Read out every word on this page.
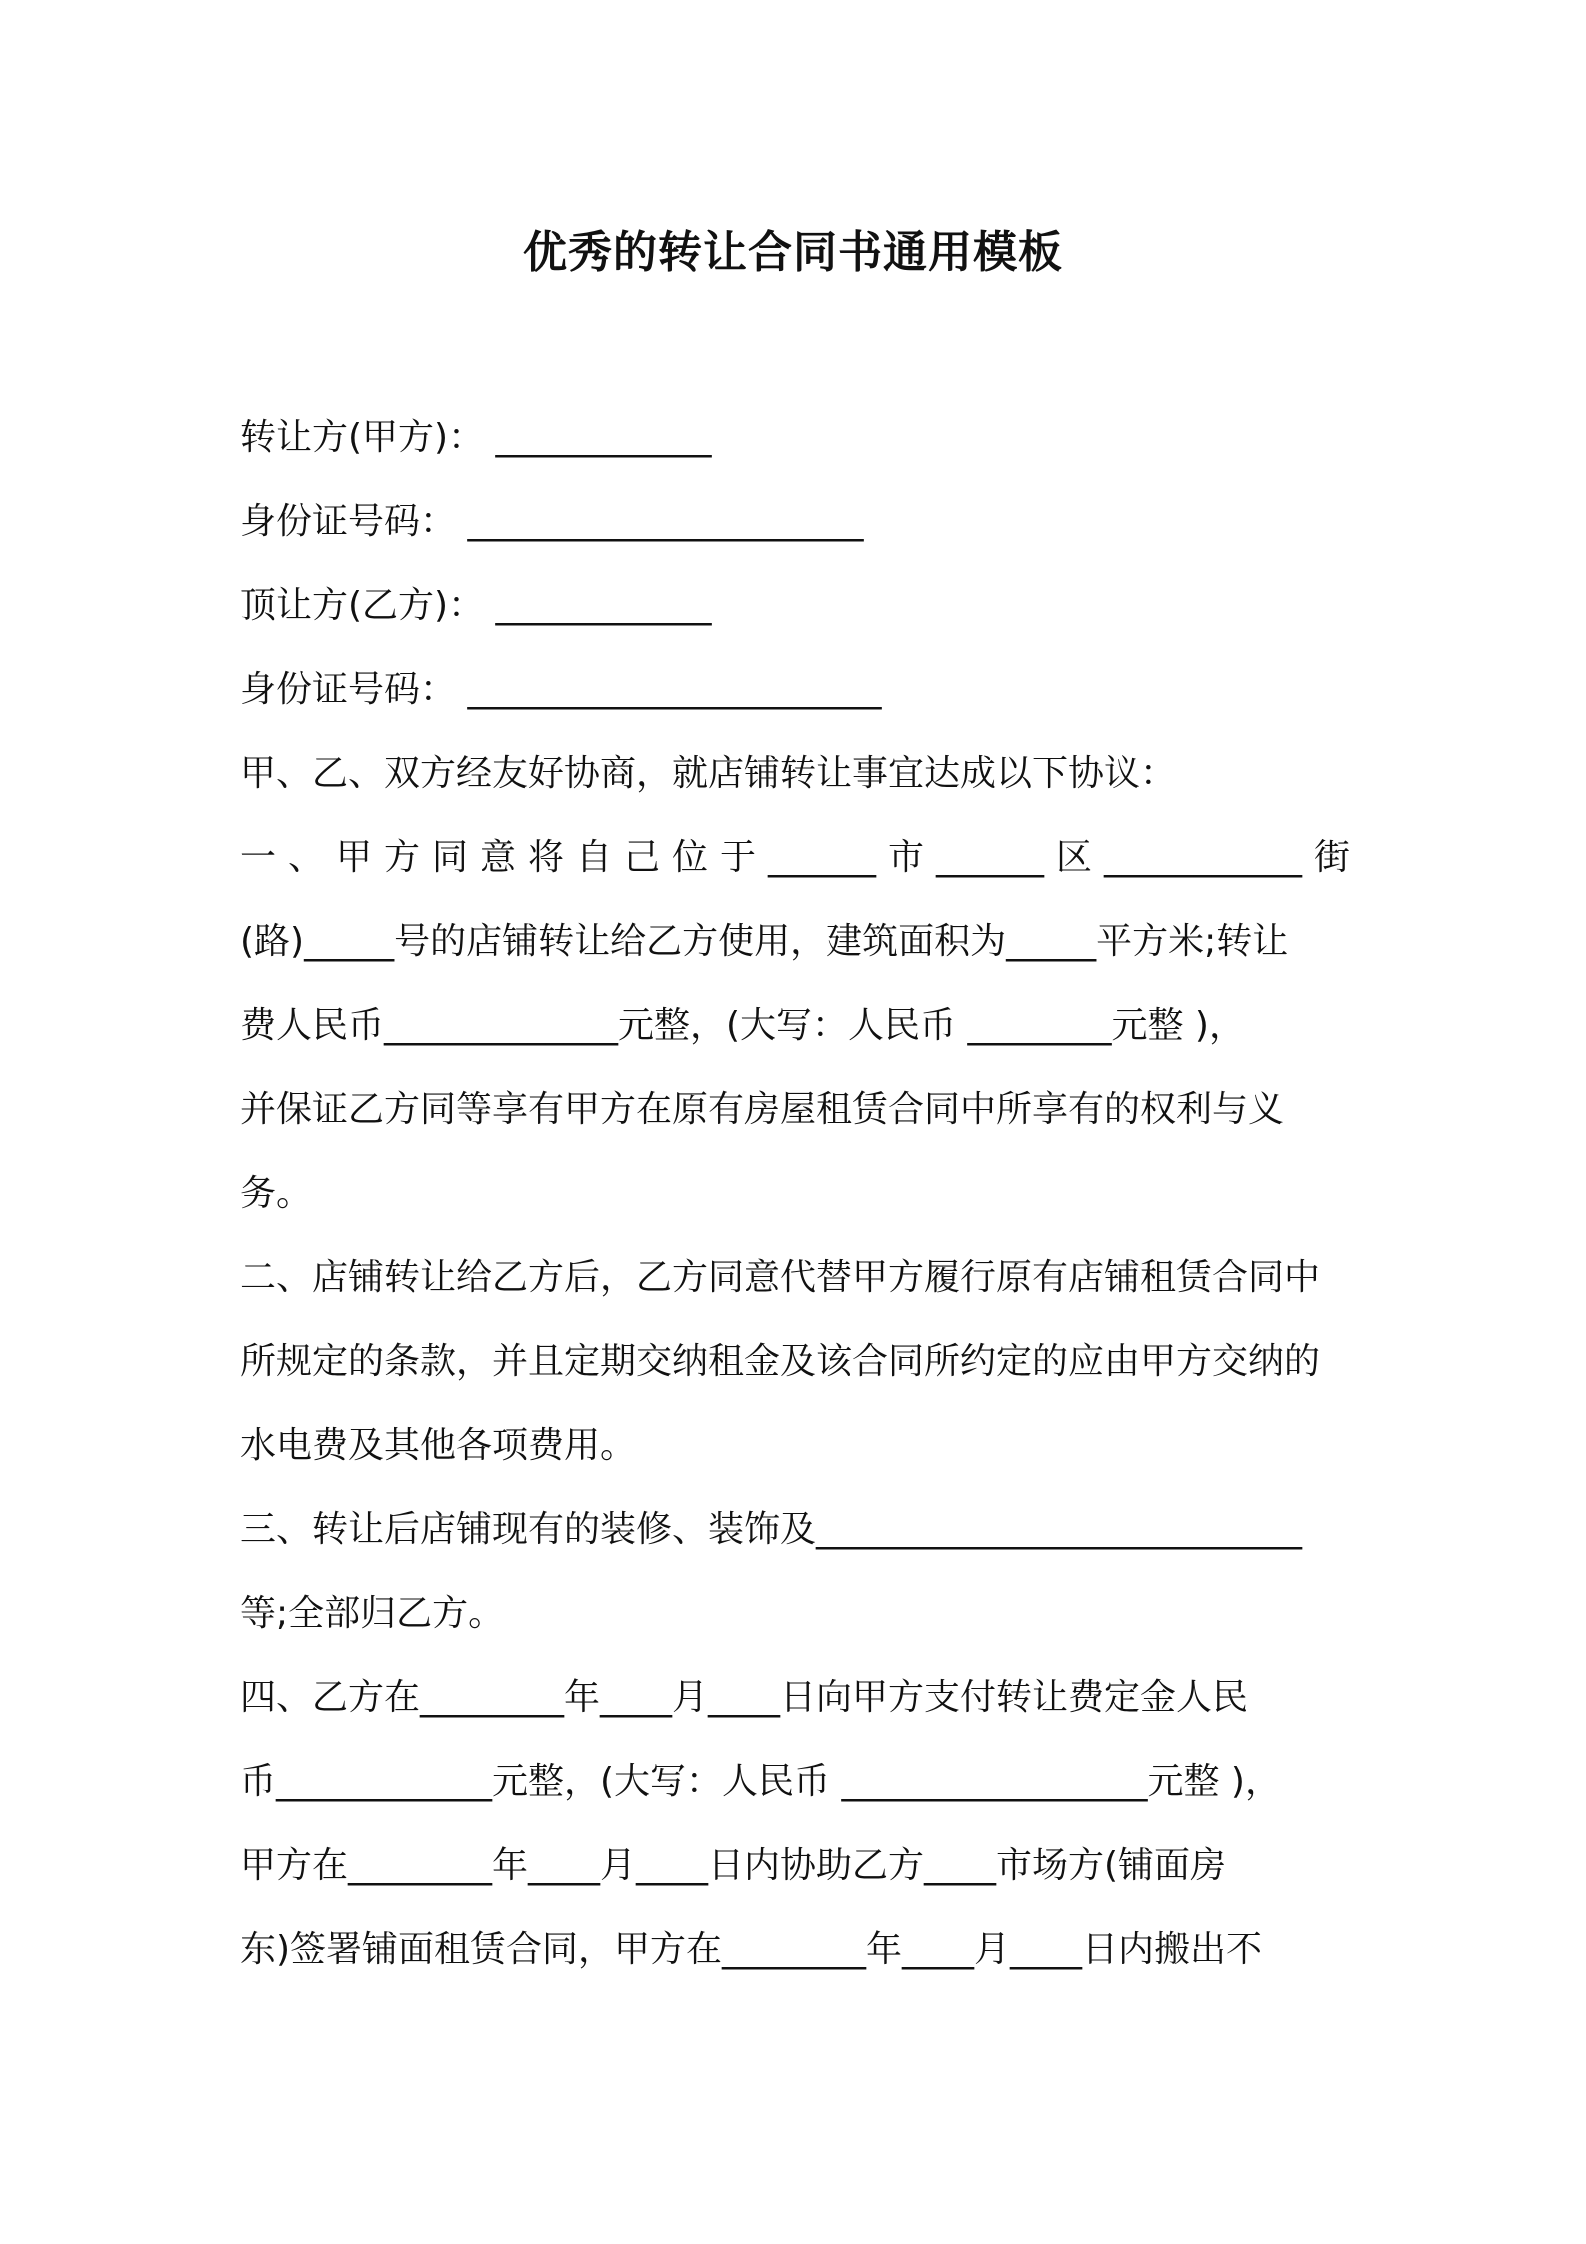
优秀的转让合同书通用模板
转让方(甲方)： ____________
身份证号码： ______________________
顶让方(乙方)： ____________
身份证号码： _______________________
甲、乙、双方经友好协商，就店铺转让事宜达成以下协议：
一 、 甲 方 同 意 将 自 己 位 于 ______ 市 ______ 区 ___________ 街
(路)_____号的店铺转让给乙方使用，建筑面积为_____平方米;转让
费人民币_____________元整，(大写：人民币 ________元整 )，
并保证乙方同等享有甲方在原有房屋租赁合同中所享有的权利与义
务。
二、店铺转让给乙方后，乙方同意代替甲方履行原有店铺租赁合同中
所规定的条款，并且定期交纳租金及该合同所约定的应由甲方交纳的
水电费及其他各项费用。
三、转让后店铺现有的装修、装饰及___________________________
等;全部归乙方。
四、乙方在________年____月____日向甲方支付转让费定金人民
币____________元整，(大写：人民币 _________________元整 )，
甲方在________年____月____日内协助乙方____市场方(铺面房
东)签署铺面租赁合同，甲方在________年____月____日内搬出不
